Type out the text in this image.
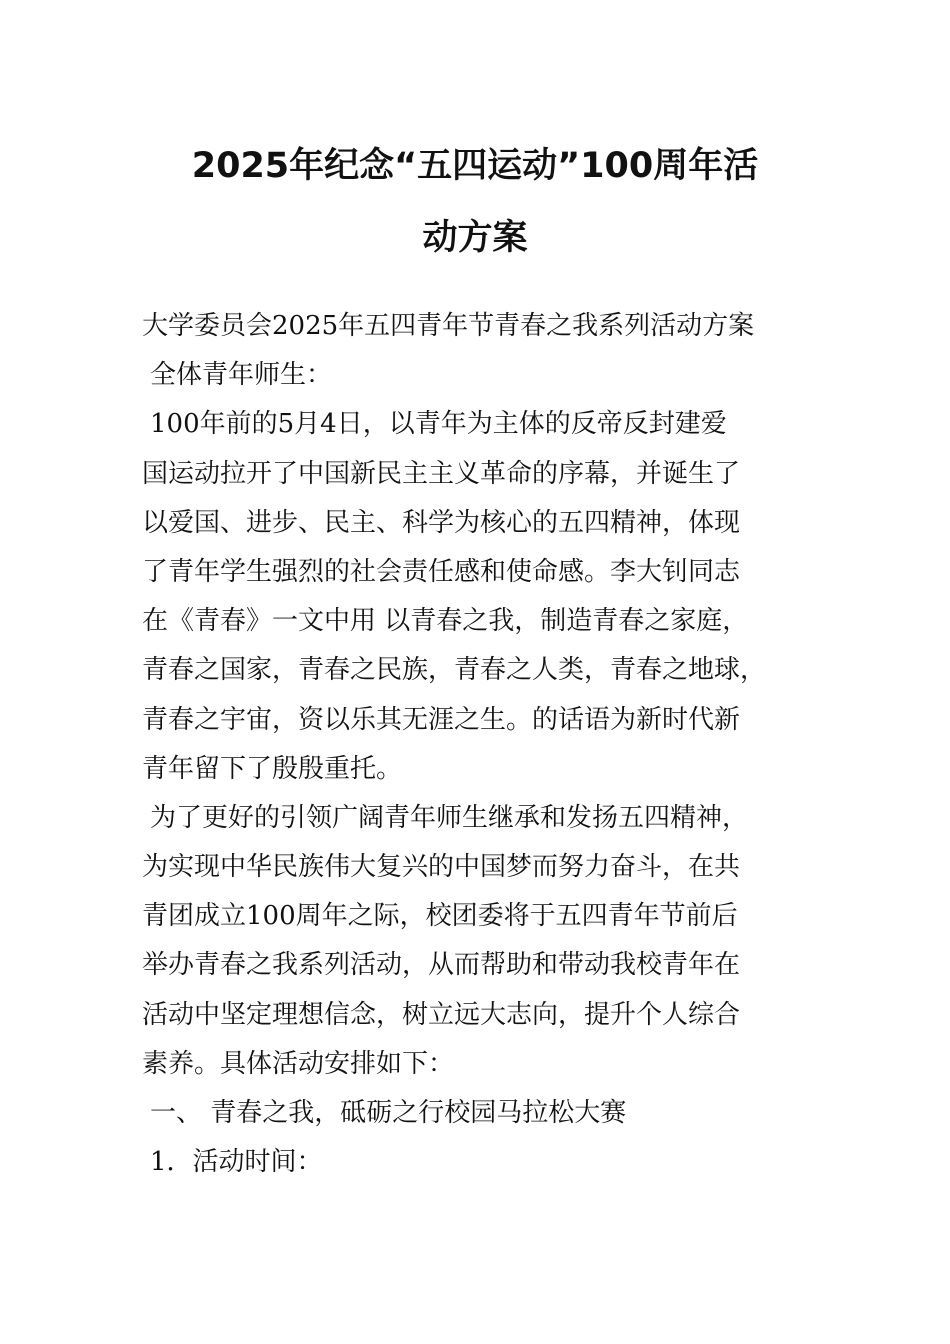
2025年纪念“五四运动”100周年活
动方案
大学委员会2025年五四青年节青春之我系列活动方案
全体青年师生：
100年前的5月4日，以青年为主体的反帝反封建爱
国运动拉开了中国新民主主义革命的序幕，并诞生了
以爱国、进步、民主、科学为核心的五四精神，体现
了青年学生强烈的社会责任感和使命感。李大钊同志
在《青春》一文中用 以青春之我，制造青春之家庭，
青春之国家，青春之民族，青春之人类，青春之地球，
青春之宇宙，资以乐其无涯之生。的话语为新时代新
青年留下了殷殷重托。
为了更好的引领广阔青年师生继承和发扬五四精神，
为实现中华民族伟大复兴的中国梦而努力奋斗，在共
青团成立100周年之际，校团委将于五四青年节前后
举办青春之我系列活动，从而帮助和带动我校青年在
活动中坚定理想信念，树立远大志向，提升个人综合
素养。具体活动安排如下：
一、 青春之我，砥砺之行校园马拉松大赛
1．活动时间：
